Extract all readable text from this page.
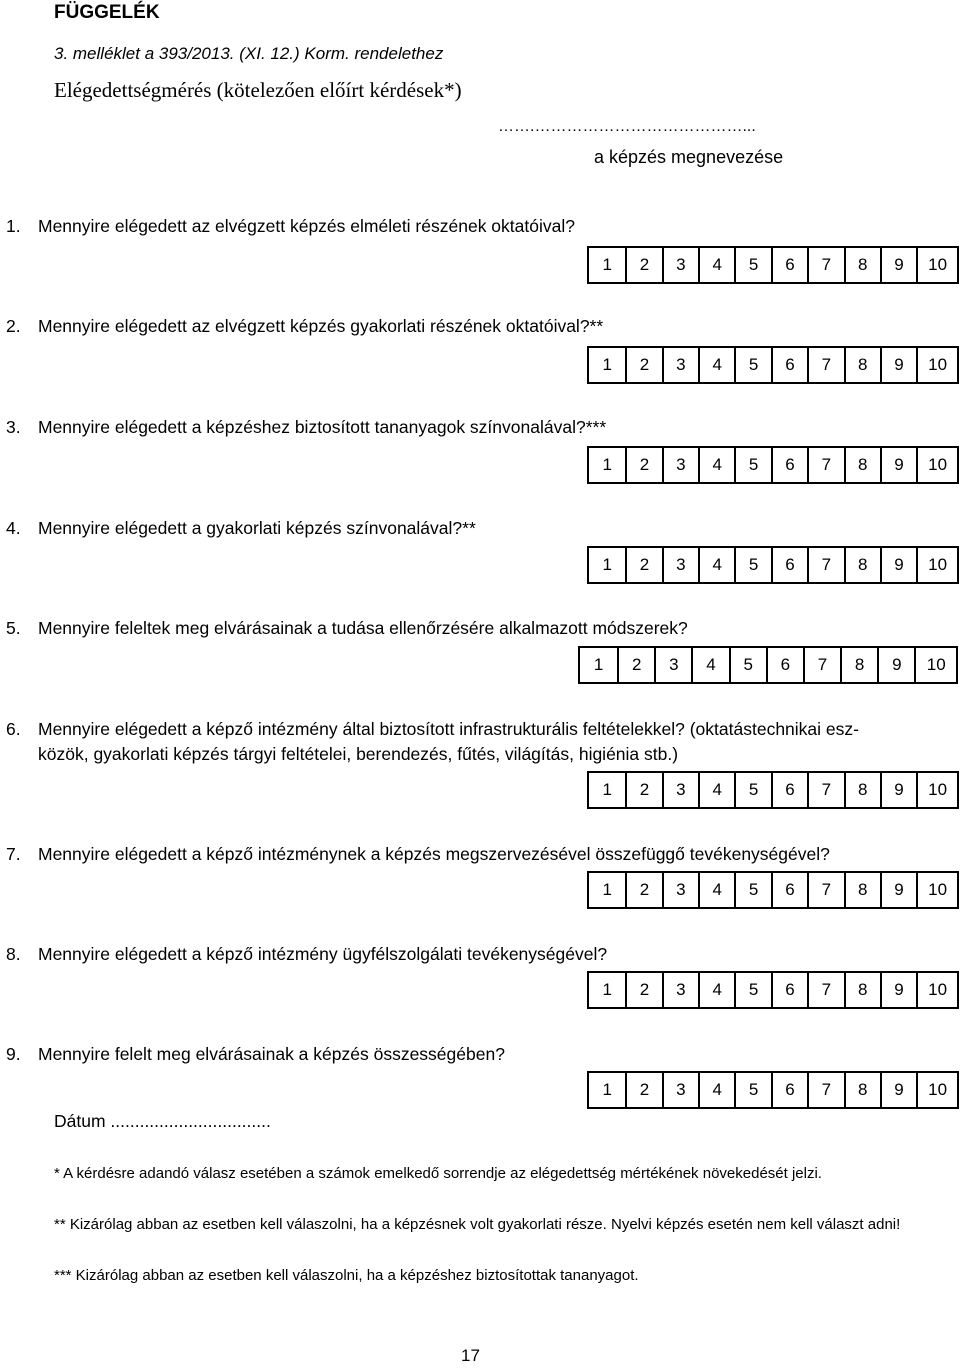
FÜGGELÉK
3. melléklet a 393/2013. (XI. 12.) Korm. rendelethez
Elégedettségmérés (kötelezően előírt kérdések*)
…….…………………………………...
a képzés megnevezése
1. Mennyire elégedett az elvégzett képzés elméleti részének oktatóival?
2. Mennyire elégedett az elvégzett képzés gyakorlati részének oktatóival?**
3. Mennyire elégedett a képzéshez biztosított tananyagok színvonalával?***
4. Mennyire elégedett a gyakorlati képzés színvonalával?**
5. Mennyire feleltek meg elvárásainak a tudása ellenőrzésére alkalmazott módszerek?
6. Mennyire elégedett a képző intézmény által biztosított infrastrukturális feltételekkel? (oktatástechnikai esz-
közök, gyakorlati képzés tárgyi feltételei, berendezés, fűtés, világítás, higiénia stb.)
7. Mennyire elégedett a képző intézménynek a képzés megszervezésével összefüggő tevékenységével?
8. Mennyire elégedett a képző intézmény ügyfélszolgálati tevékenységével?
9. Mennyire felelt meg elvárásainak a képzés összességében?
1	2	3	4	5	6	7	8	9	10
1	2	3	4	5	6	7	8	9	10
1	2	3	4	5	6	7	8	9	10
1	2	3	4	5	6	7	8	9	10
1	2	3	4	5	6	7	8	9	10
1	2	3	4	5	6	7	8	9	10
1	2	3	4	5	6	7	8	9	10
1	2	3	4	5	6	7	8	9	10
1	2	3	4	5	6	7	8	9	10
Dátum .................................
* A kérdésre adandó válasz esetében a számok emelkedő sorrendje az elégedettség mértékének növekedését jelzi.
** Kizárólag abban az esetben kell válaszolni, ha a képzésnek volt gyakorlati része. Nyelvi képzés esetén nem kell választ adni!
*** Kizárólag abban az esetben kell válaszolni, ha a képzéshez biztosítottak tananyagot.
17
